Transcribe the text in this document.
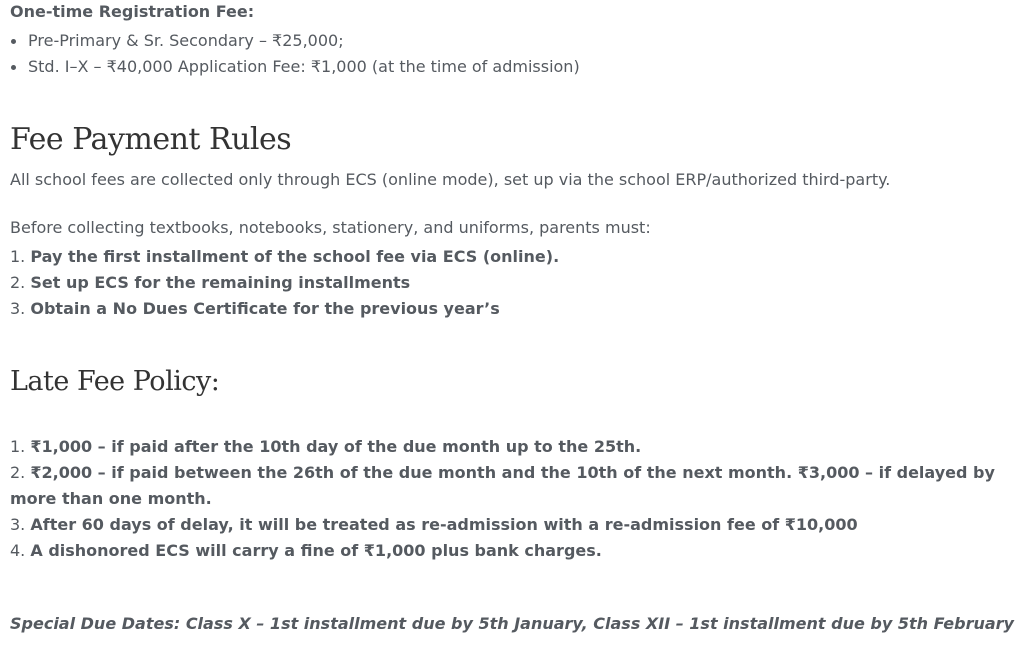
One-time Registration Fee:
Pre-Primary & Sr. Secondary – ₹25,000;
Std. I–X – ₹40,000 Application Fee: ₹1,000 (at the time of admission)
Fee Payment Rules

All school fees are collected only through ECS (online mode), set up via the school ERP/authorized third-party.

Before collecting textbooks, notebooks, stationery, and uniforms, parents must:

1. Pay the first installment of the school fee via ECS (online).
2. Set up ECS for the remaining installments
3. Obtain a No Dues Certificate for the previous year’s
Late Fee Policy:
1. ₹1,000 – if paid after the 10th day of the due month up to the 25th.
2. ₹2,000 – if paid between the 26th of the due month and the 10th of the next month. ₹3,000 – if delayed by more than one month.
3. After 60 days of delay, it will be treated as re-admission with a re-admission fee of ₹10,000
4. A dishonored ECS will carry a fine of ₹1,000 plus bank charges.

Special Due Dates: Class X – 1st installment due by 5th January, Class XII – 1st installment due by 5th February
